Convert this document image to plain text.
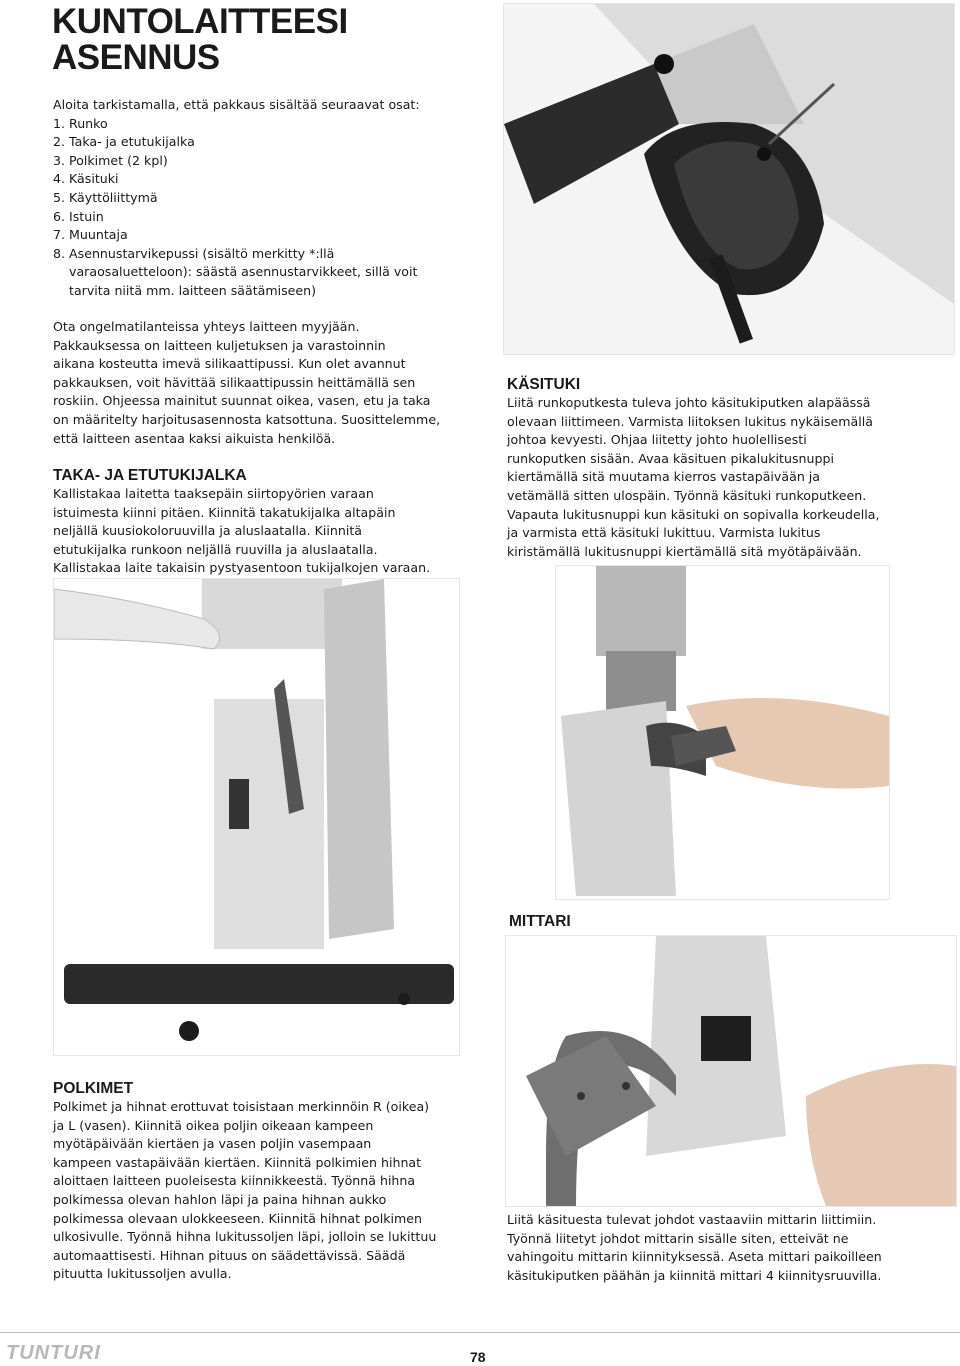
KUNTOLAITTEESI
ASENNUS

Aloita tarkistamalla, että pakkaus sisältää seuraavat osat:

1. Runko
2. Taka- ja etutukijalka
3. Polkimet (2 kpl)
4. Käsituki
5. Käyttöliittymä
6. Istuin
7. Muuntaja
8. Asennustarvikepussi (sisältö merkitty *:llä
varaosaluetteloon): säästä asennustarvikkeet, sillä voit
tarvita niitä mm. laitteen säätämiseen)

Ota ongelmatilanteissa yhteys laitteen myyjään.

Pakkauksessa on laitteen kuljetuksen ja varastoinnin

aikana kosteutta imevä silikaattipussi. Kun olet avannut

pakkauksen, voit hävittää silikaattipussin heittämällä sen

roskiin. Ohjeessa mainitut suunnat oikea, vasen, etu ja taka

on määritelty harjoitusasennosta katsottuna. Suosittelemme,

että laitteen asentaa kaksi aikuista henkilöä.

TAKA- JA ETUTUKIJALKA

Kallistakaa laitetta taaksepäin siirtopyörien varaan

istuimesta kiinni pitäen. Kiinnitä takatukijalka altapäin

neljällä kuusiokoloruuvilla ja aluslaatalla. Kiinnitä

etutukijalka runkoon neljällä ruuvilla ja aluslaatalla.

Kallistakaa laite takaisin pystyasentoon tukijalkojen varaan.

KÄSITUKI

Liitä runkoputkesta tuleva johto käsitukiputken alapäässä

olevaan liittimeen. Varmista liitoksen lukitus nykäisemällä

johtoa kevyesti. Ohjaa liitetty johto huolellisesti

runkoputken sisään. Avaa käsituen pikalukitusnuppi

kiertämällä sitä muutama kierros vastapäivään ja

vetämällä sitten ulospäin. Työnnä käsituki runkoputkeen.

Vapauta lukitusnuppi kun käsituki on sopivalla korkeudella,

ja varmista että käsituki lukittuu. Varmista lukitus

kiristämällä lukitusnuppi kiertämällä sitä myötäpäivään.

MITTARI
POLKIMET

Polkimet ja hihnat erottuvat toisistaan merkinnöin R (oikea)

ja L (vasen). Kiinnitä oikea poljin oikeaan kampeen

myötäpäivään kiertäen ja vasen poljin vasempaan

kampeen vastapäivään kiertäen. Kiinnitä polkimien hihnat

aloittaen laitteen puoleisesta kiinnikkeestä. Työnnä hihna

polkimessa olevan hahlon läpi ja paina hihnan aukko

polkimessa olevaan ulokkeeseen. Kiinnitä hihnat polkimen

ulkosivulle. Työnnä hihna lukitussoljen läpi, jolloin se lukittuu

automaattisesti. Hihnan pituus on säädettävissä. Säädä

pituutta lukitussoljen avulla.

Liitä käsituesta tulevat johdot vastaaviin mittarin liittimiin.

Työnnä liitetyt johdot mittarin sisälle siten, etteivät ne

vahingoitu mittarin kiinnityksessä. Aseta mittari paikoilleen

käsitukiputken päähän ja kiinnitä mittari 4 kiinnitysruuvilla.

TUNTURI	78
